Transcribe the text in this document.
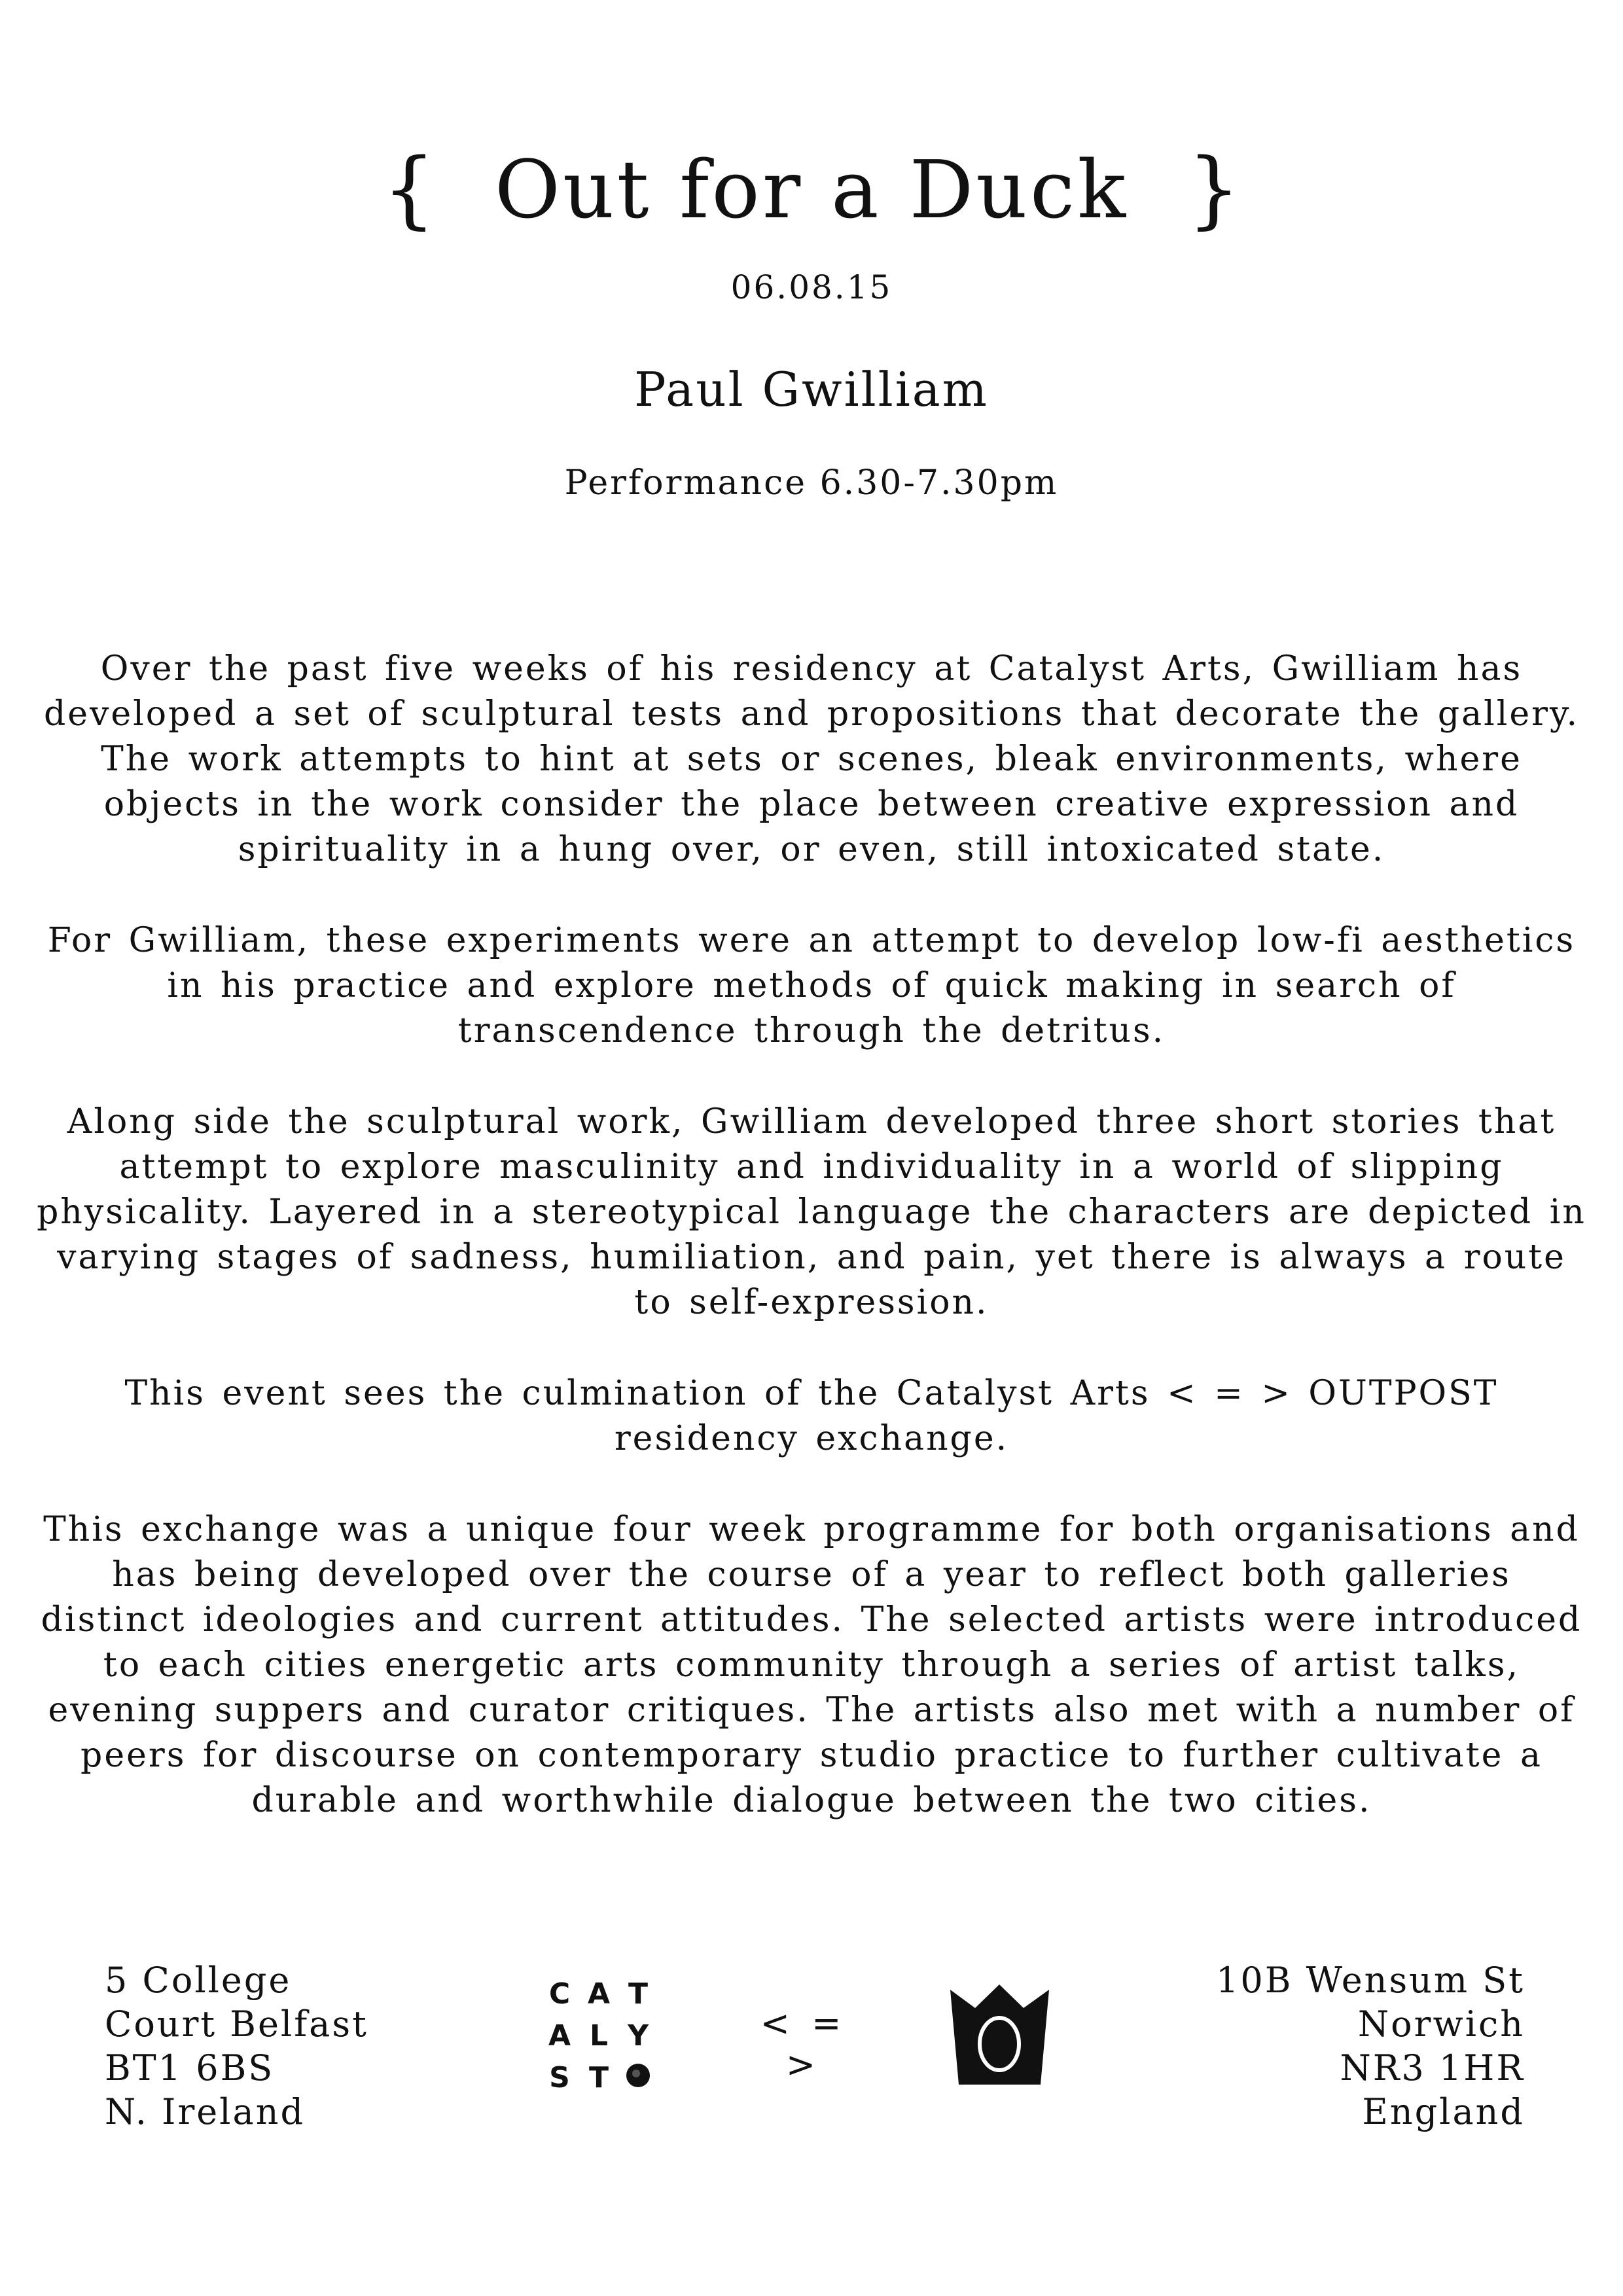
{ Out for a Duck }
06.08.15
Paul Gwilliam
Performance 6.30-7.30pm

Over the past five weeks of his residency at Catalyst Arts, Gwilliam has developed a set of sculptural tests and propositions that decorate the gallery. The work attempts to hint at sets or scenes, bleak environments, where objects in the work consider the place between creative expression and spirituality in a hung over, or even, still intoxicated state.

For Gwilliam, these experiments were an attempt to develop low-fi aesthetics in his practice and explore methods of quick making in search of transcendence through the detritus.

Along side the sculptural work, Gwilliam developed three short stories that attempt to explore masculinity and individuality in a world of slipping physicality. Layered in a stereotypical language the characters are depicted in varying stages of sadness, humiliation, and pain, yet there is always a route to self-expression.

This event sees the culmination of the Catalyst Arts < = > OUTPOST residency exchange.

This exchange was a unique four week programme for both organisations and has being developed over the course of a year to reflect both galleries distinct ideologies and current attitudes. The selected artists were introduced to each cities energetic arts community through a series of artist talks, evening suppers and curator critiques. The artists also met with a number of peers for discourse on contemporary studio practice to further cultivate a durable and worthwhile dialogue between the two cities.

5 College
Court Belfast
BT1 6BS
N. Ireland
C A T
A L Y
S T
< = >
10B Wensum St
Norwich
NR3 1HR
England
